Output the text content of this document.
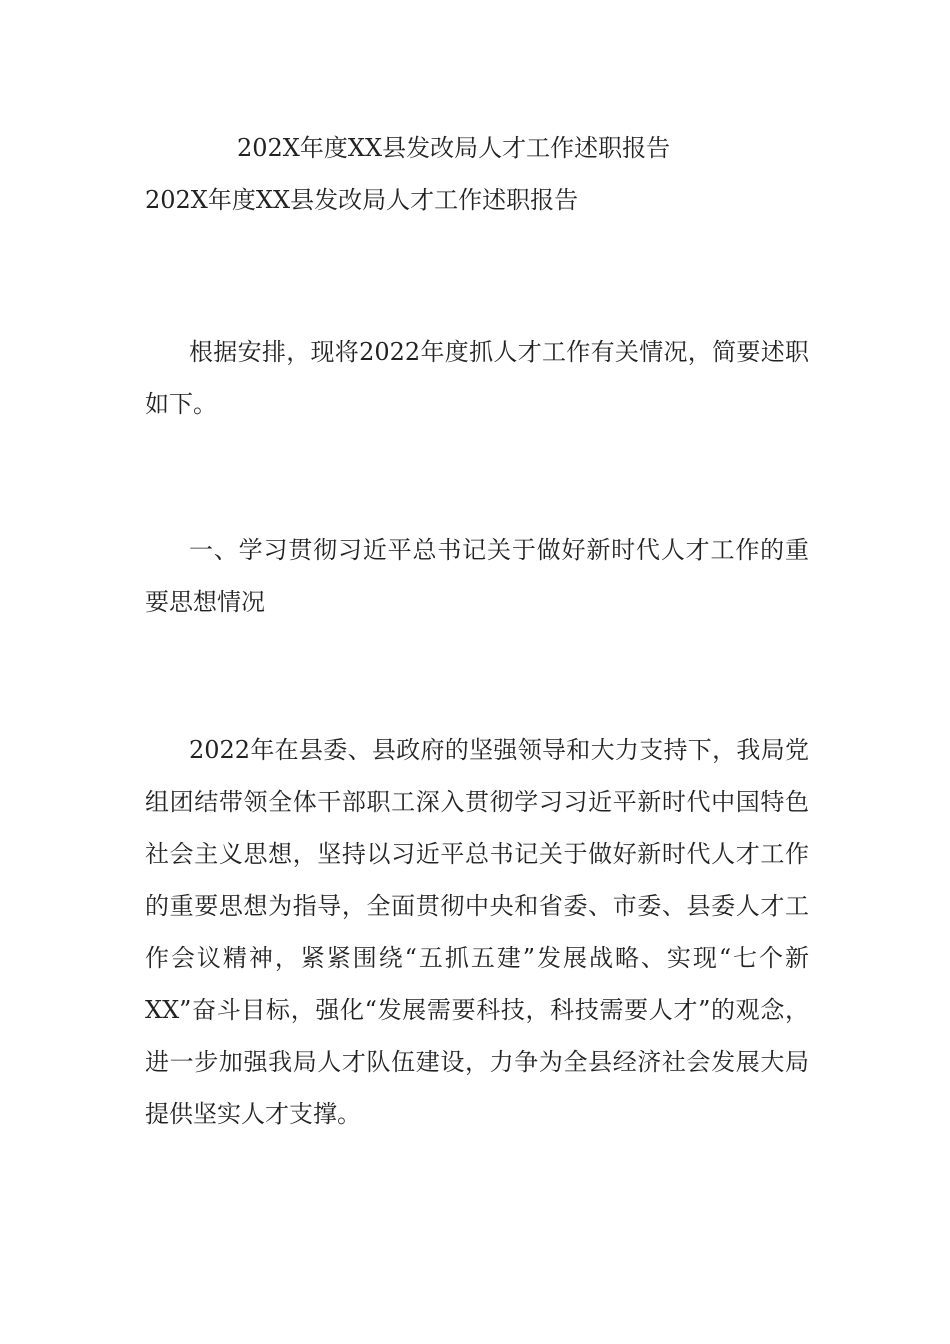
202X年度XX县发改局人才工作述职报告
202X年度XX县发改局人才工作述职报告

根据安排，现将2022年度抓人才工作有关情况，简要述职如下。

一、学习贯彻习近平总书记关于做好新时代人才工作的重要思想情况

2022年在县委、县政府的坚强领导和大力支持下，我局党组团结带领全体干部职工深入贯彻学习习近平新时代中国特色社会主义思想，坚持以习近平总书记关于做好新时代人才工作的重要思想为指导，全面贯彻中央和省委、市委、县委人才工作会议精神，紧紧围绕“五抓五建”发展战略、实现“七个新XX”奋斗目标，强化“发展需要科技，科技需要人才”的观念，进一步加强我局人才队伍建设，力争为全县经济社会发展大局提供坚实人才支撑。
